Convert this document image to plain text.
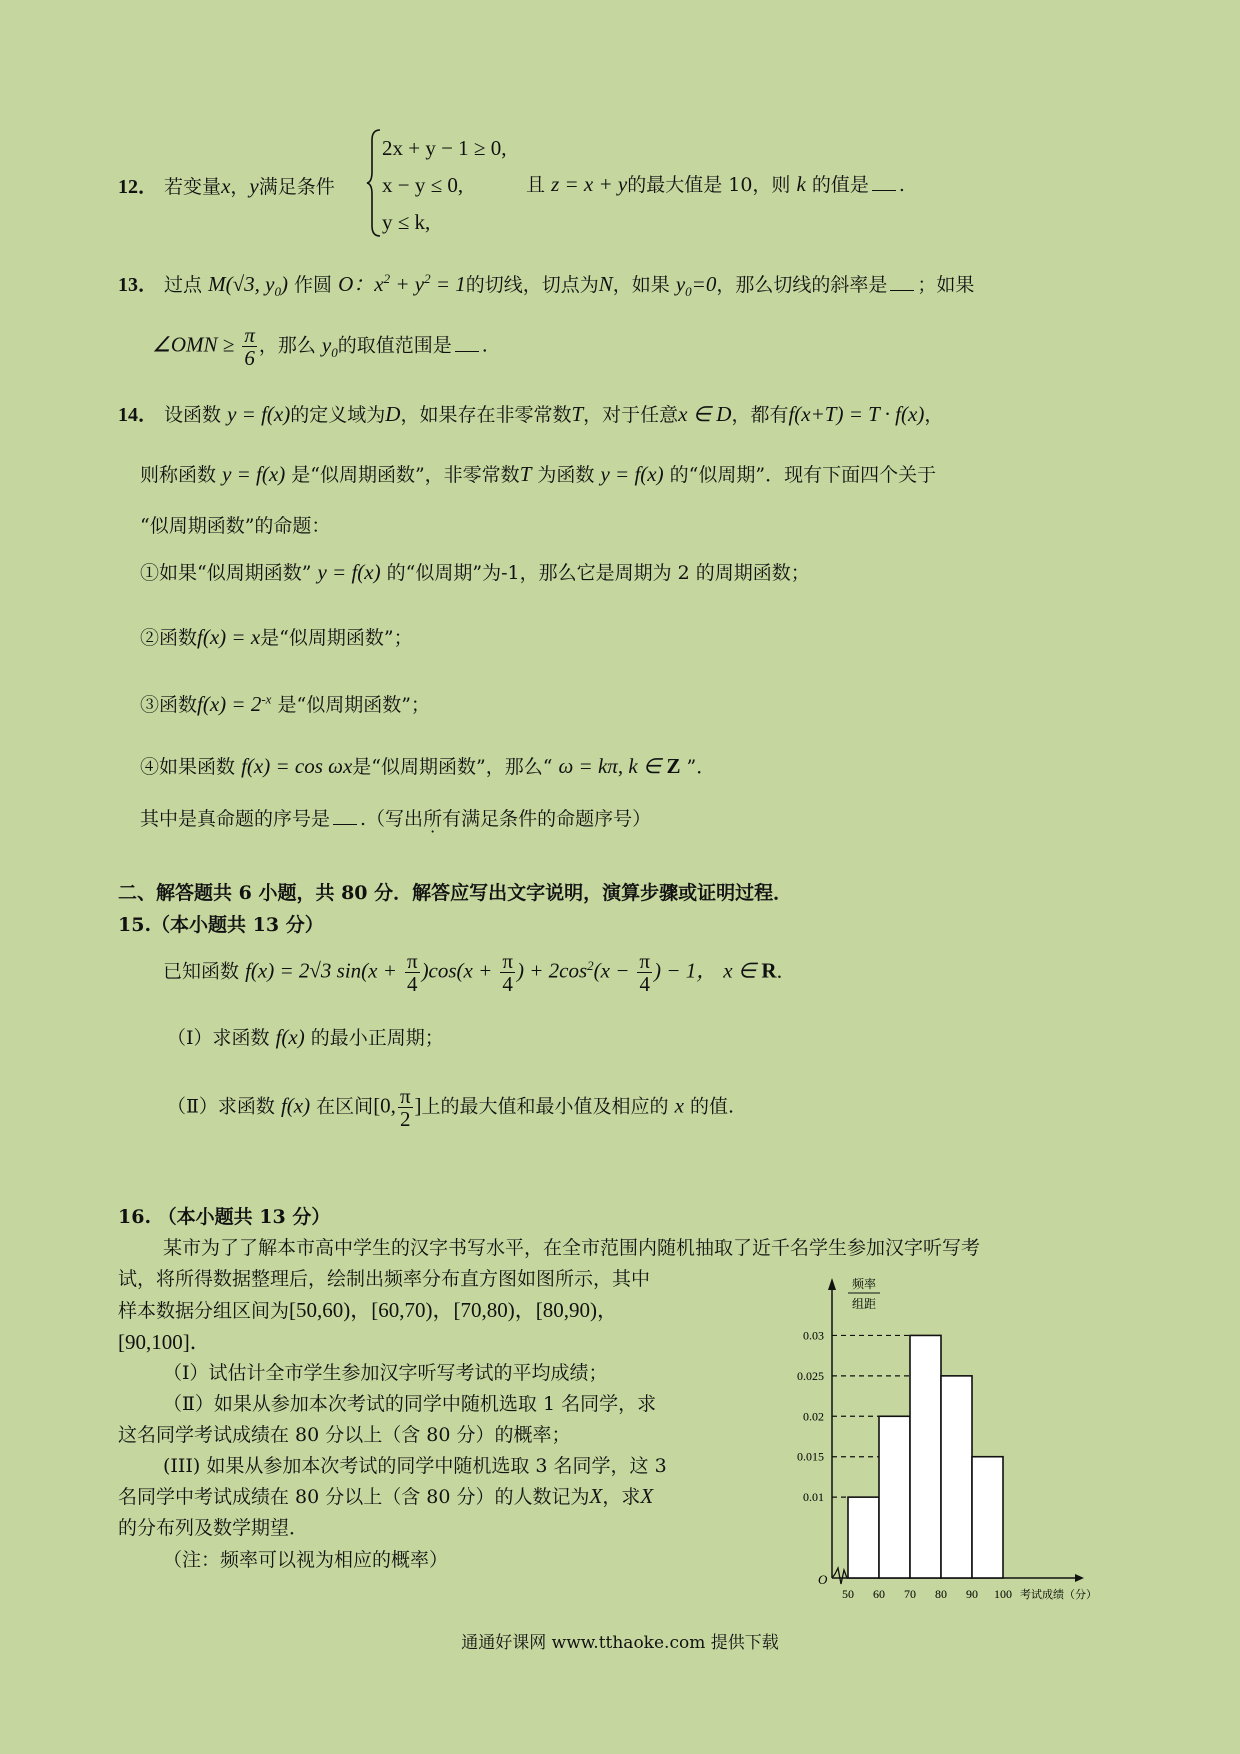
12． 若变量x，y满足条件
2x + y − 1 ≥ 0,
x − y ≤ 0,
y ≤ k,
且 z = x + y的最大值是 10，则 k 的值是 .
13． 过点 M(√3, $y_0$) 作圆 O：$x^2 + y^2 = 1$的切线，切点为N，如果 $y_0=0$，那么切线的斜率是 ；如果
∠OMN ≥ $\frac{\pi}{6}$ ，那么 $y_0$的取值范围是 .
14． 设函数 y = f(x)的定义域为D，如果存在非零常数T，对于任意x ∈ D，都有f(x+T) = T · f(x)，
则称函数 y = f(x) 是“似周期函数”，非零常数T 为函数 y = f(x) 的“似周期”．现有下面四个关于
“似周期函数”的命题：
①如果“似周期函数” y = f(x) 的“似周期”为-1，那么它是周期为 2 的周期函数；
②函数f(x) = x是“似周期函数”；
③函数$f(x) = 2^{-x}$ 是“似周期函数”；
④如果函数 f(x) = cos ωx是“似周期函数”，那么“ ω = kπ, k ∈ Z ”．
其中是真命题的序号是 .（写出所有满足条件的命题序号）
二、解答题共 6 小题，共 80 分．解答应写出文字说明，演算步骤或证明过程．
15.（本小题共 13 分）
已知函数 f(x) = 2√3 $\sin(x + \frac{\pi}{4} )\cos(x + \frac{\pi}{4}$ ) + $2\cos^2(x - \frac{\pi}{4}$ ) − 1， x ∈ R．
（Ⅰ）求函数 f(x) 的最小正周期；
（Ⅱ）求函数 f(x) 在区间[0, $\frac{\pi}{2}$ ]上的最大值和最小值及相应的 x 的值.
16. （本小题共 13 分）
某市为了了解本市高中学生的汉字书写水平，在全市范围内随机抽取了近千名学生参加汉字听写考
试，将所得数据整理后，绘制出频率分布直方图如图所示，其中
样本数据分组区间为[50,60)，[60,70)，[70,80)，[80,90)，
[90,100]．
（Ⅰ）试估计全市学生参加汉字听写考试的平均成绩；
（Ⅱ）如果从参加本次考试的同学中随机选取 1 名同学，求
这名同学考试成绩在 80 分以上（含 80 分）的概率；
(III) 如果从参加本次考试的同学中随机选取 3 名同学，这 3
名同学中考试成绩在 80 分以上（含 80 分）的人数记为X，求X
的分布列及数学期望．
（注：频率可以视为相应的概率）
频率
组距
O
0.01
0.015
0.02
0.025
0.03
50 60 70 80 90 100 考试成绩（分）
通通好课网 www.tthaoke.com 提供下载
